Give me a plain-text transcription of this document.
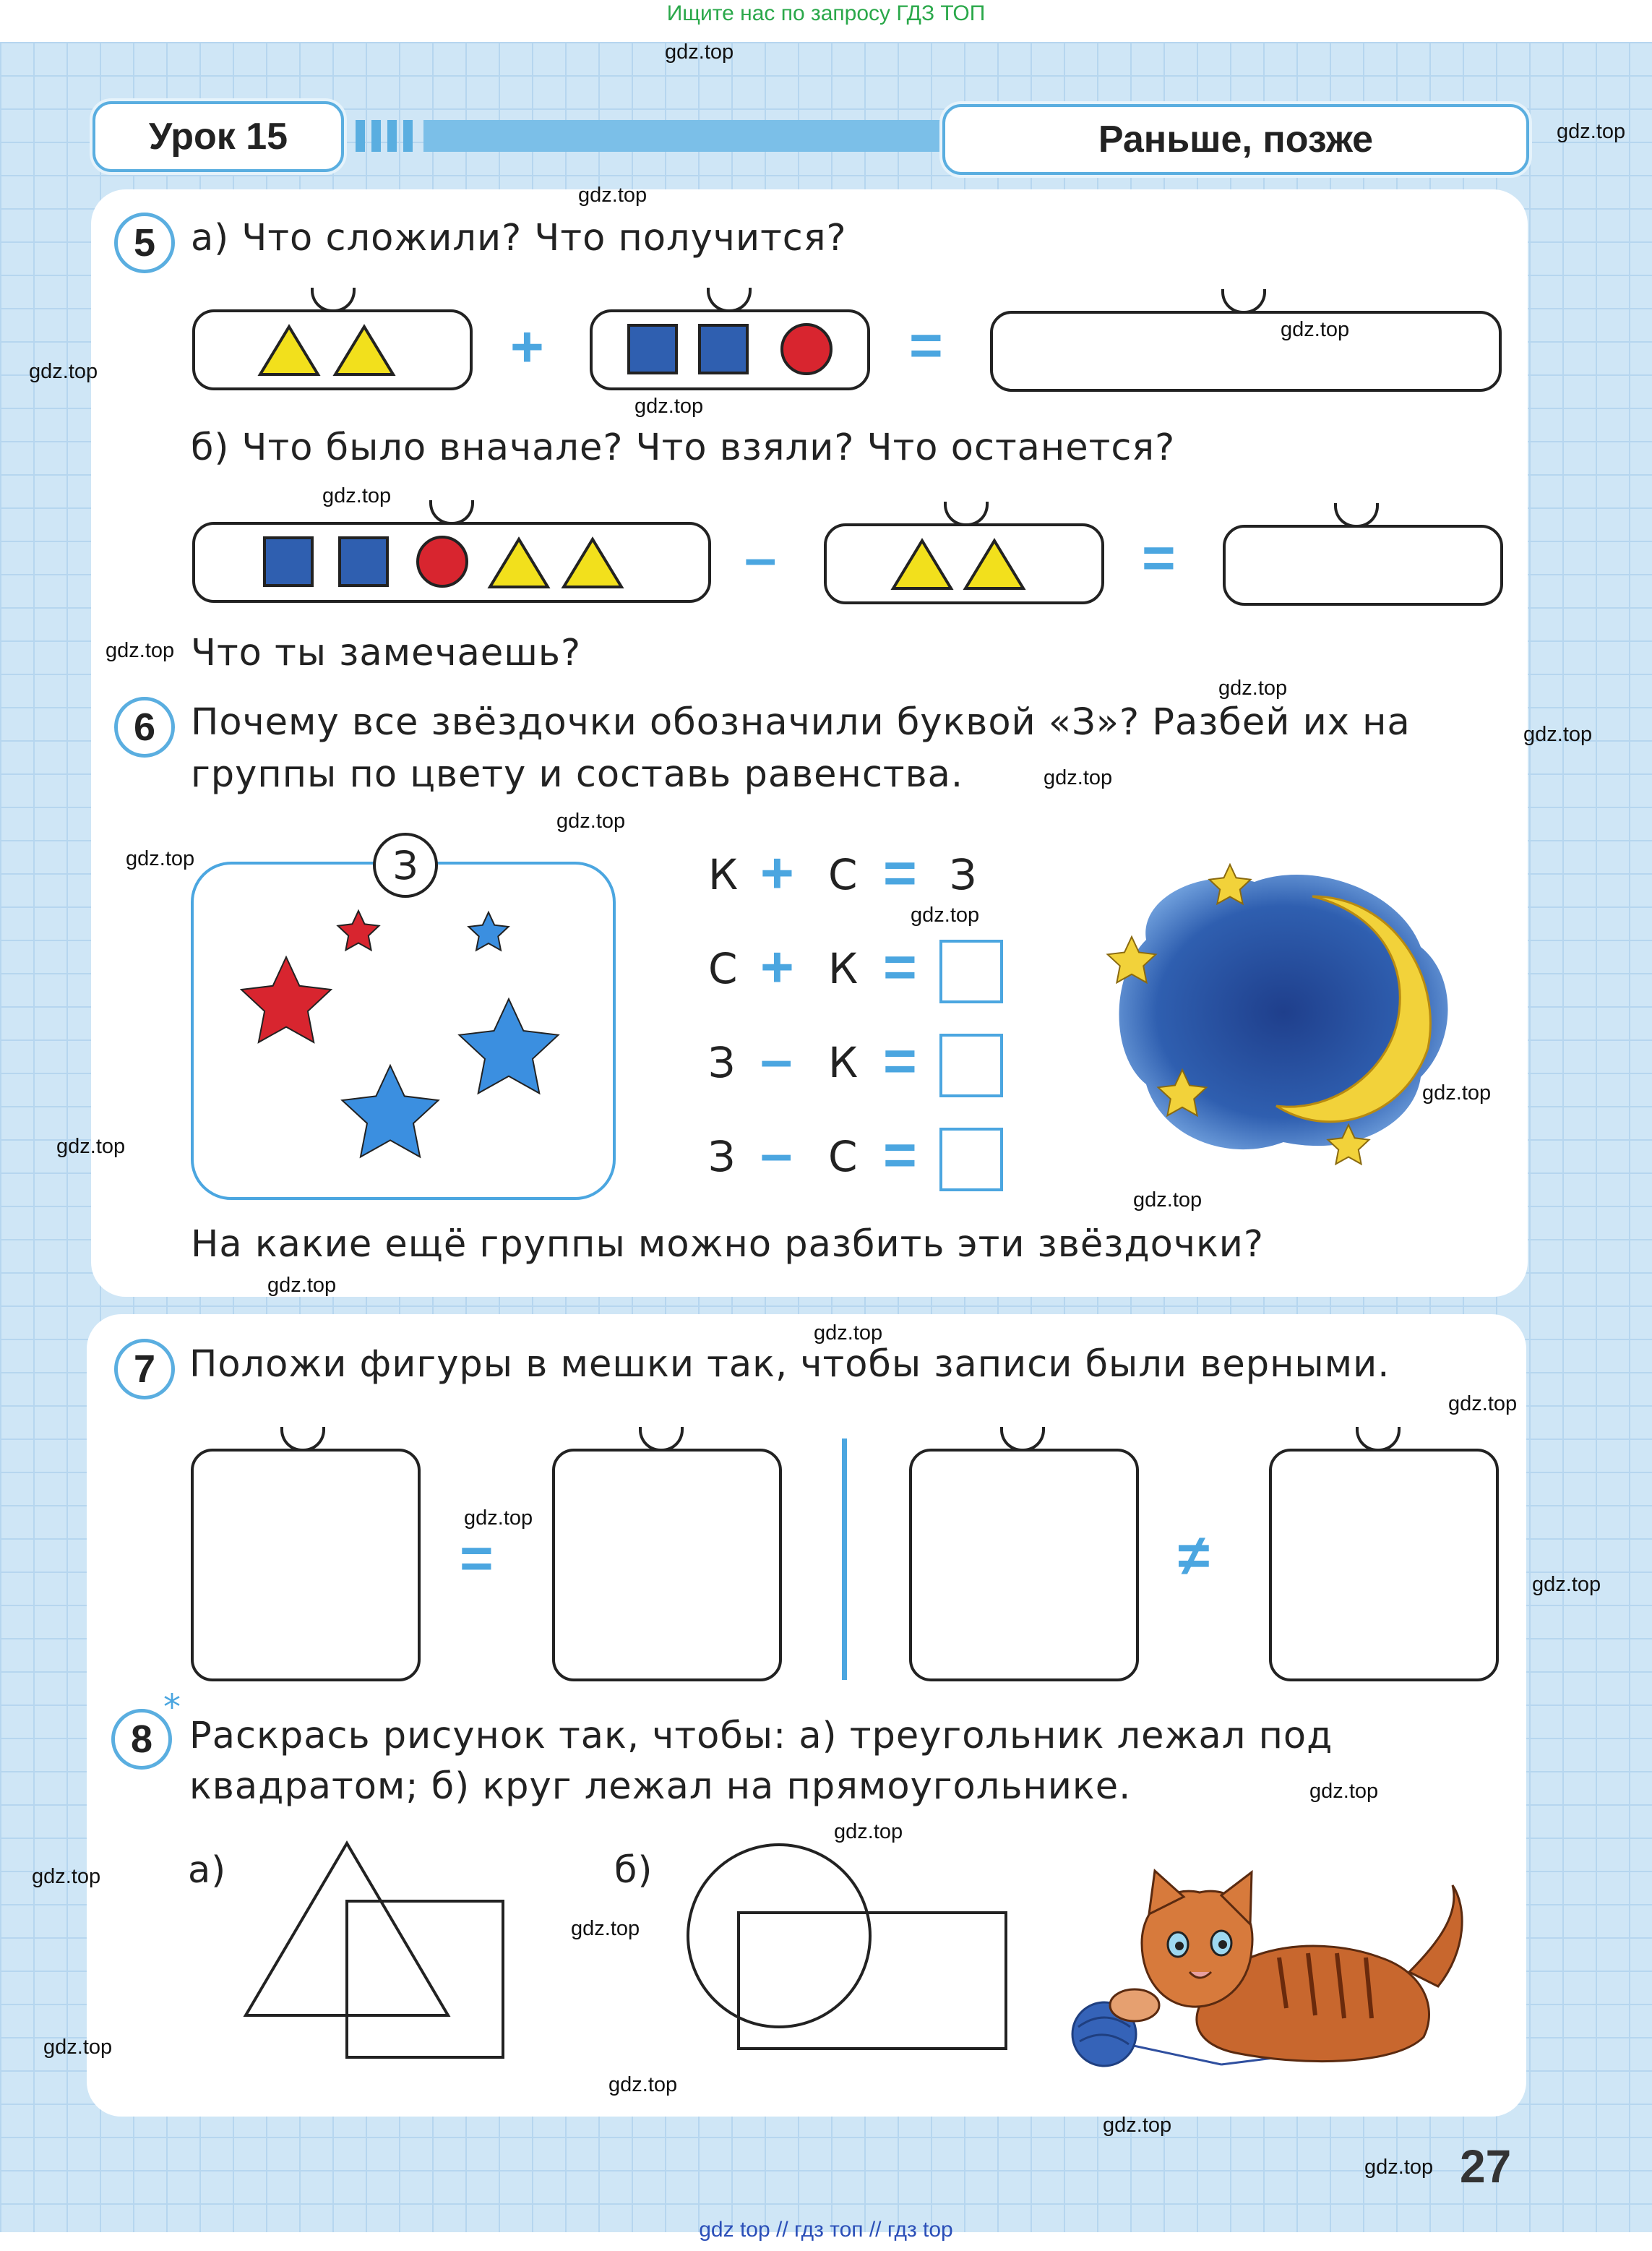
Ищите нас по запросу ГДЗ ТОП
Урок 15	Раньше, позже
5 а) Что сложили? Что получится?
+	=
б) Что было вначале? Что взяли? Что останется?
–	=
Что ты замечаешь?
6 Почему все звёздочки обозначили буквой «З»? Разбей их на
группы по цвету и составь равенства.
З	К + С = З
С + К =
З – К =
З – С =
На какие ещё группы можно разбить эти звёздочки?
7 Положи фигуры в мешки так, чтобы записи были верными.
=	≠
8
*
Раскрась рисунок так, чтобы: а) треугольник лежал под
квадратом; б) круг лежал на прямоугольнике.
а)	б)
27
gdz top // гдз топ // гдз top
gdz.top
gdz.top
gdz.top
gdz.top
gdz.top
gdz.top
gdz.top
gdz.top
gdz.top
gdz.top
gdz.top
gdz.top
gdz.top
gdz.top
gdz.top
gdz.top
gdz.top
gdz.top
gdz.top
gdz.top
gdz.top
gdz.top
gdz.top
gdz.top
gdz.top
gdz.top
gdz.top
gdz.top
gdz.top
gdz.top
